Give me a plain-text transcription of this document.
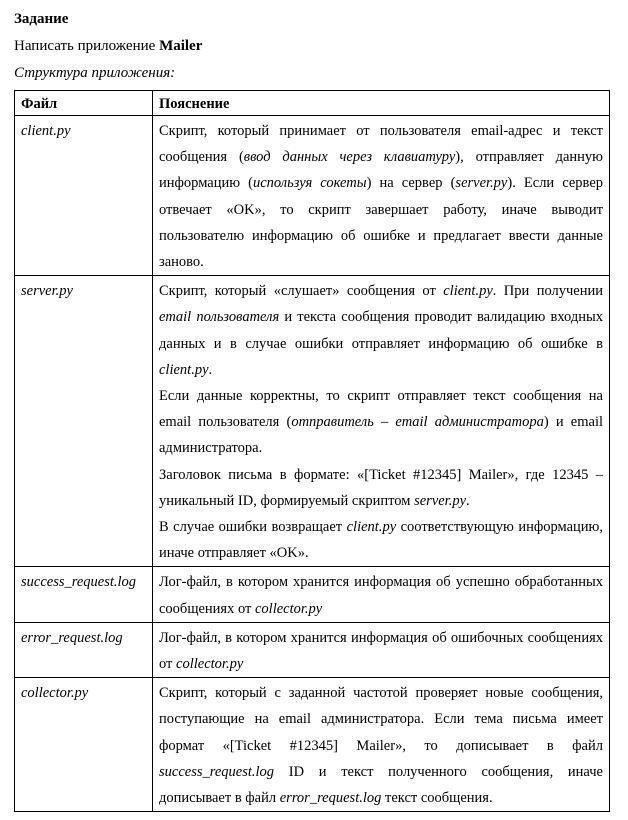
Задание

Написать приложение Mailer

Структура приложения:

Файл	Пояснение
client.py	Скрипт, который принимает от пользователя email-адрес и текст сообщения (ввод данных через клавиатуру), отправляет данную информацию (используя сокеты) на сервер (server.py). Если сервер отвечает «OK», то скрипт завершает работу, иначе выводит пользователю информацию об ошибке и предлагает ввести данные заново.

server.py	Скрипт, который «слушает» сообщения от client.py. При получении email пользователя и текста сообщения проводит валидацию входных данных и в случае ошибки отправляет информацию об ошибке в client.py.

Если данные корректны, то скрипт отправляет текст сообщения на email пользователя (отправитель – email администратора) и email администратора.

Заголовок письма в формате: «[Ticket #12345] Mailer», где 12345 – уникальный ID, формируемый скриптом server.py.

В случае ошибки возвращает client.py соответствующую информацию, иначе отправляет «OK».

success_request.log	Лог-файл, в котором хранится информация об успешно обработанных сообщениях от collector.py

error_request.log	Лог-файл, в котором хранится информация об ошибочных сообщениях от collector.py

collector.py	Скрипт, который с заданной частотой проверяет новые сообщения, поступающие на email администратора. Если тема письма имеет формат «[Ticket #12345] Mailer», то дописывает в файл success_request.log ID и текст полученного сообщения, иначе дописывает в файл error_request.log текст сообщения.
